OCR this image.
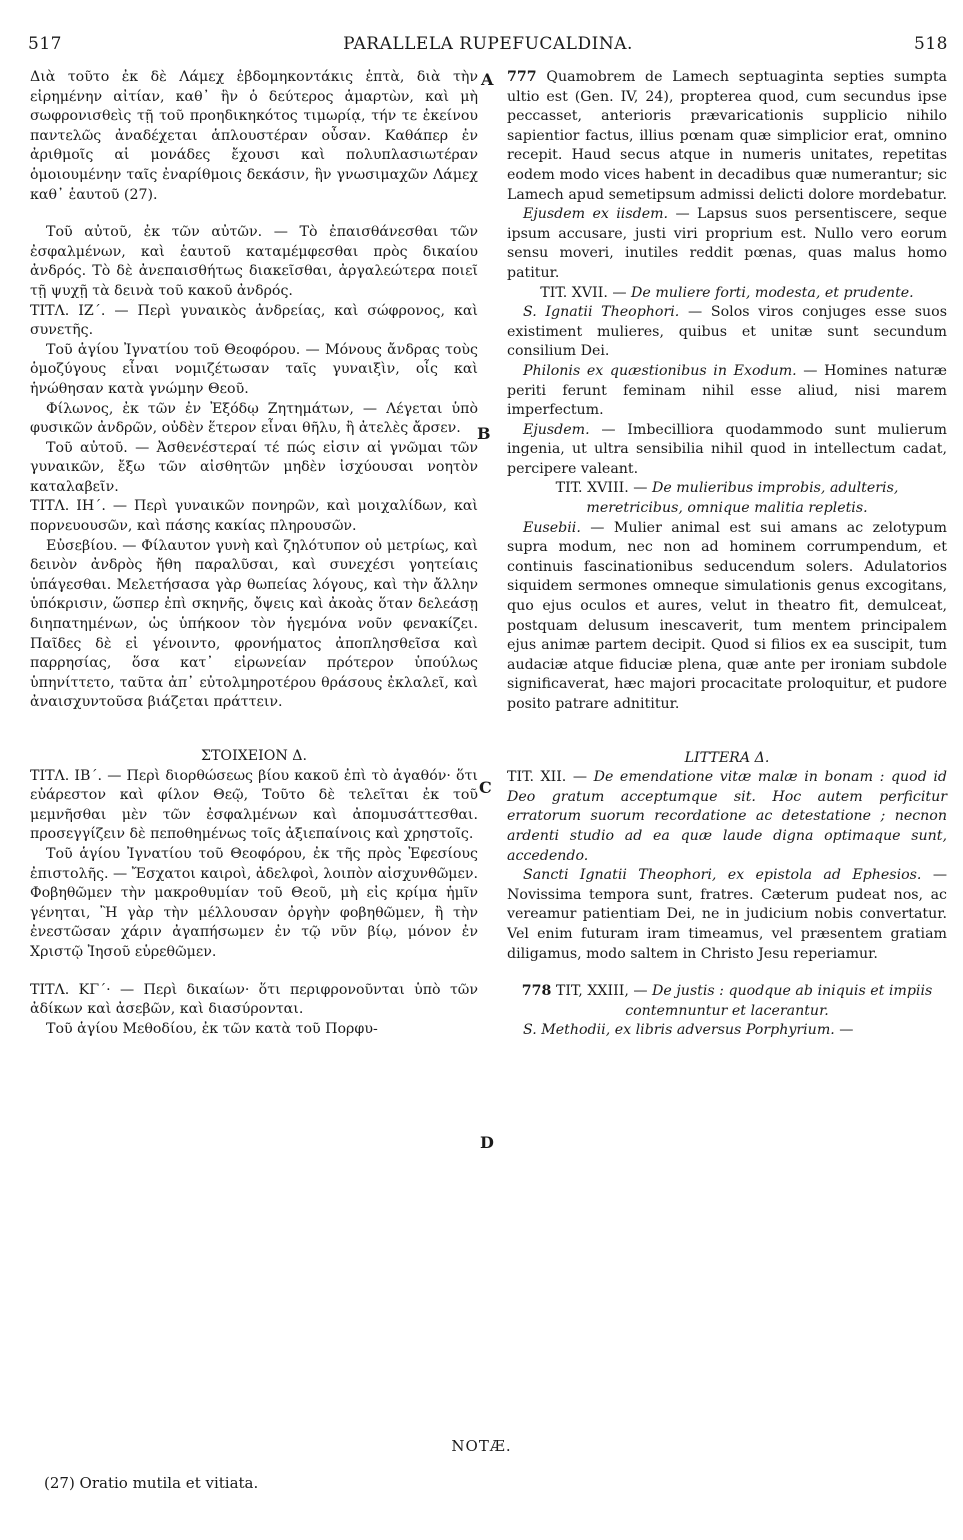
517	PARALLELA RUPEFUCALDINA.	518
A
B
C
D

Διὰ τοῦτο ἐκ δὲ Λάμεχ ἑβδομηκοντάκις ἑπτὰ, διὰ τὴν εἰρημένην αἰτίαν, καθ᾽ ἣν ὁ δεύτερος ἁμαρτὼν, καὶ μὴ σωφρονισθεὶς τῇ τοῦ προηδικηκότος τιμωρίᾳ, τήν τε ἐκείνου παντελῶς ἀναδέχεται ἁπλουστέραν οὖσαν. Καθάπερ ἐν ἀριθμοῖς αἱ μονάδες ἔχουσι καὶ πολυπλασιωτέραν ὁμοιουμένην ταῖς ἐναρίθμοις δεκάσιν, ἣν γνωσιμαχῶν Λάμεχ καθ᾽ ἑαυτοῦ (27).

Τοῦ αὐτοῦ, ἐκ τῶν αὐτῶν. — Τὸ ἐπαισθάνεσθαι τῶν ἐσφαλμένων, καὶ ἑαυτοῦ καταμέμφεσθαι πρὸς δικαίου ἀνδρός. Τὸ δὲ ἀνεπαισθήτως διακεῖσθαι, ἀργαλεώτερα ποιεῖ τῇ ψυχῇ τὰ δεινὰ τοῦ κακοῦ ἀνδρός.

ΤΙΤΛ. ΙΖ΄. — Περὶ γυναικὸς ἀνδρείας, καὶ σώφρονος, καὶ συνετῆς.

Τοῦ ἁγίου Ἰγνατίου τοῦ Θεοφόρου. — Μόνους ἄνδρας τοὺς ὁμοζύγους εἶναι νομιζέτωσαν ταῖς γυναιξὶν, οἷς καὶ ἡνώθησαν κατὰ γνώμην Θεοῦ.

Φίλωνος, ἐκ τῶν ἐν Ἐξόδῳ Ζητημάτων, — Λέγεται ὑπὸ φυσικῶν ἀνδρῶν, οὐδὲν ἕτερον εἶναι θῆλυ, ἢ ἀτελὲς ἄρσεν.

Τοῦ αὐτοῦ. — Ἀσθενέστεραί τέ πώς εἰσιν αἱ γνῶμαι τῶν γυναικῶν, ἔξω τῶν αἰσθητῶν μηδὲν ἰσχύουσαι νοητὸν καταλαβεῖν.

ΤΙΤΛ. ΙΗ΄. — Περὶ γυναικῶν πονηρῶν, καὶ μοιχαλίδων, καὶ πορνευουσῶν, καὶ πάσης κακίας πληρουσῶν.

Εὐσεβίου. — Φίλαυτον γυνὴ καὶ ζηλότυπον οὐ μετρίως, καὶ δεινὸν ἀνδρὸς ἤθη παραλῦσαι, καὶ συνεχέσι γοητείαις ὑπάγεσθαι. Μελετήσασα γὰρ θωπείας λόγους, καὶ τὴν ἄλλην ὑπόκρισιν, ὥσπερ ἐπὶ σκηνῆς, ὄψεις καὶ ἀκοὰς ὅταν δελεάσῃ διηπατημένων, ὡς ὑπήκοον τὸν ἡγεμόνα νοῦν φενακίζει. Παῖδες δὲ εἰ γένοιντο, φρονήματος ἀποπλησθεῖσα καὶ παρρησίας, ὅσα κατ᾽ εἰρωνείαν πρότερον ὑπούλως ὑπηνίττετο, ταῦτα ἀπ᾽ εὐτολμηροτέρου θράσους ἐκλαλεῖ, καὶ ἀναισχυντοῦσα βιάζεται πράττειν.

ΣΤΟΙΧΕΙΟΝ Δ.

ΤΙΤΛ. ΙΒ΄. — Περὶ διορθώσεως βίου κακοῦ ἐπὶ τὸ ἀγαθόν· ὅτι εὐάρεστον καὶ φίλον Θεῷ, Τοῦτο δὲ τελεῖται ἐκ τοῦ μεμνῆσθαι μὲν τῶν ἐσφαλμένων καὶ ἀπομυσάττεσθαι. προσεγγίζειν δὲ πεποθημένως τοῖς ἀξιεπαίνοις καὶ χρηστοῖς.

Τοῦ ἁγίου Ἰγνατίου τοῦ Θεοφόρου, ἐκ τῆς πρὸς Ἐφεσίους ἐπιστολῆς. — Ἔσχατοι καιροὶ, ἀδελφοὶ, λοιπὸν αἰσχυνθῶμεν. Φοβηθῶμεν τὴν μακροθυμίαν τοῦ Θεοῦ, μὴ εἰς κρίμα ἡμῖν γένηται, Ἢ γὰρ τὴν μέλλουσαν ὀργὴν φοβηθῶμεν, ἢ τὴν ἐνεστῶσαν χάριν ἀγαπήσωμεν ἐν τῷ νῦν βίῳ, μόνον ἐν Χριστῷ Ἰησοῦ εὑρεθῶμεν.

ΤΙΤΛ. ΚΓ΄· — Περὶ δικαίων· ὅτι περιφρονοῦνται ὑπὸ τῶν ἀδίκων καὶ ἀσεβῶν, καὶ διασύρονται.

Τοῦ ἁγίου Μεθοδίου, ἐκ τῶν κατὰ τοῦ Πορφυ-

777 Quamobrem de Lamech septuaginta septies sumpta ultio est (Gen. IV, 24), propterea quod, cum secundus ipse peccasset, anterioris prævaricationis supplicio nihilo sapientior factus, illius pœnam quæ simplicior erat, omnino recepit. Haud secus atque in numeris unitates, repetitas eodem modo vices habent in decadibus quæ numerantur; sic Lamech apud semetipsum admissi delicti dolore mordebatur.

Ejusdem ex iisdem. — Lapsus suos persentiscere, seque ipsum accusare, justi viri proprium est. Nullo vero eorum sensu moveri, inutiles reddit pœnas, quas malus homo patitur.

TIT. XVII. — De muliere forti, modesta, et prudente.

S. Ignatii Theophori. — Solos viros conjuges esse suos existiment mulieres, quibus et unitæ sunt secundum consilium Dei.

Philonis ex quæstionibus in Exodum. — Homines naturæ periti ferunt feminam nihil esse aliud, nisi marem imperfectum.

Ejusdem. — Imbecilliora quodammodo sunt mulierum ingenia, ut ultra sensibilia nihil quod in intellectum cadat, percipere valeant.

TIT. XVIII. — De mulieribus improbis, adulteris, meretricibus, omnique malitia repletis.

Eusebii. — Mulier animal est sui amans ac zelotypum supra modum, nec non ad hominem corrumpendum, et continuis fascinationibus seducendum solers. Adulatorios siquidem sermones omneque simulationis genus excogitans, quo ejus oculos et aures, velut in theatro fit, demulceat, postquam delusum inescaverit, tum mentem principalem ejus animæ partem decipit. Quod si filios ex ea suscipit, tum audaciæ atque fiduciæ plena, quæ ante per ironiam subdole significaverat, hæc majori procacitate proloquitur, et pudore posito patrare adnititur.

LITTERA Δ.

TIT. XII. — De emendatione vitæ malæ in bonam : quod id Deo gratum acceptumque sit. Hoc autem perficitur erratorum suorum recordatione ac detestatione ; necnon ardenti studio ad ea quæ laude digna optimaque sunt, accedendo.

Sancti Ignatii Theophori, ex epistola ad Ephesios. — Novissima tempora sunt, fratres. Cæterum pudeat nos, ac vereamur patientiam Dei, ne in judicium nobis convertatur. Vel enim futuram iram timeamus, vel præsentem gratiam diligamus, modo saltem in Christo Jesu reperiamur.

778 TIT, XXIII, — De justis : quodque ab iniquis et impiis contemnuntur et lacerantur.

S. Methodii, ex libris adversus Porphyrium. —

NOTÆ.
(27) Oratio mutila et vitiata.
